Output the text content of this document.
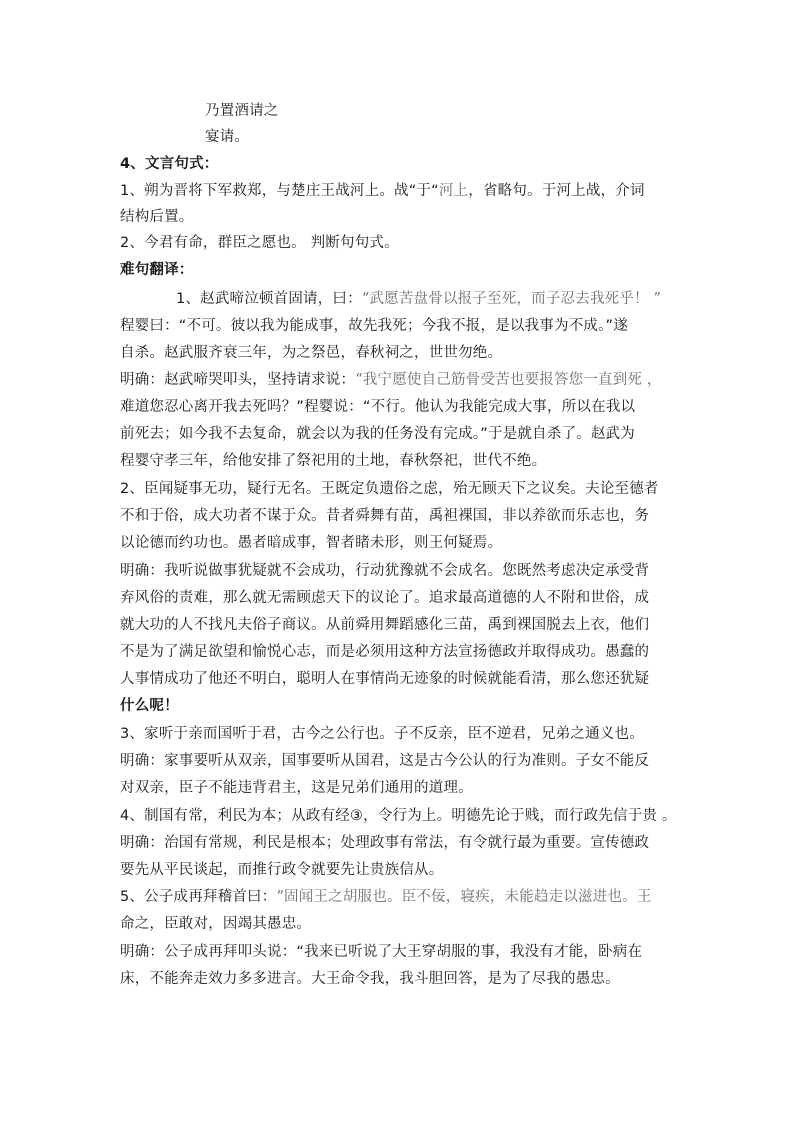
乃置酒请之
宴请。
4、文言句式：
1、朔为晋将下军救郑，与楚庄王战河上。战“于“河上，省略句。于河上战，介词
结构后置。
2、今君有命，群臣之愿也。 判断句句式。
难句翻译：
1、赵武啼泣顿首固请，曰：“武愿苦盘骨以报子至死，而子忍去我死乎！ ”
程婴曰：“不可。彼以我为能成事，故先我死；今我不报，是以我事为不成。”遂
自杀。赵武服齐衰三年，为之祭邑，春秋祠之，世世勿绝。
明确：赵武啼哭叩头，坚持请求说：“我宁愿使自己筋骨受苦也要报答您一直到死 ，
难道您忍心离开我去死吗？”程婴说：“不行。他认为我能完成大事，所以在我以
前死去；如今我不去复命，就会以为我的任务没有完成。”于是就自杀了。赵武为
程婴守孝三年，给他安排了祭祀用的土地，春秋祭祀，世代不绝。
2、臣闻疑事无功，疑行无名。王既定负遗俗之虑，殆无顾天下之议矣。夫论至德者
不和于俗，成大功者不谋于众。昔者舜舞有苗，禹袒裸国，非以养欲而乐志也，务
以论德而约功也。愚者暗成事，智者睹未形，则王何疑焉。
明确：我听说做事犹疑就不会成功，行动犹豫就不会成名。您既然考虑决定承受背
弃风俗的责难，那么就无需顾虑天下的议论了。追求最高道德的人不附和世俗，成
就大功的人不找凡夫俗子商议。从前舜用舞蹈感化三苗，禹到裸国脱去上衣，他们
不是为了满足欲望和愉悦心志，而是必须用这种方法宣扬德政并取得成功。愚蠢的
人事情成功了他还不明白，聪明人在事情尚无迹象的时候就能看清，那么您还犹疑
什么呢！
3、家听于亲而国听于君，古今之公行也。子不反亲，臣不逆君，兄弟之通义也。
明确：家事要听从双亲，国事要听从国君，这是古今公认的行为准则。子女不能反
对双亲，臣子不能违背君主，这是兄弟们通用的道理。
4、制国有常，利民为本；从政有经③，令行为上。明德先论于贱，而行政先信于贵 。
明确：治国有常规，利民是根本；处理政事有常法，有令就行最为重要。宣传德政
要先从平民谈起，而推行政令就要先让贵族信从。
5、公子成再拜稽首曰：“固闻王之胡服也。臣不佞，寝疾，未能趋走以滋进也。王
命之，臣敢对，因竭其愚忠。
明确：公子成再拜叩头说：“我来已听说了大王穿胡服的事，我没有才能，卧病在
床，不能奔走效力多多进言。大王命令我，我斗胆回答，是为了尽我的愚忠。
